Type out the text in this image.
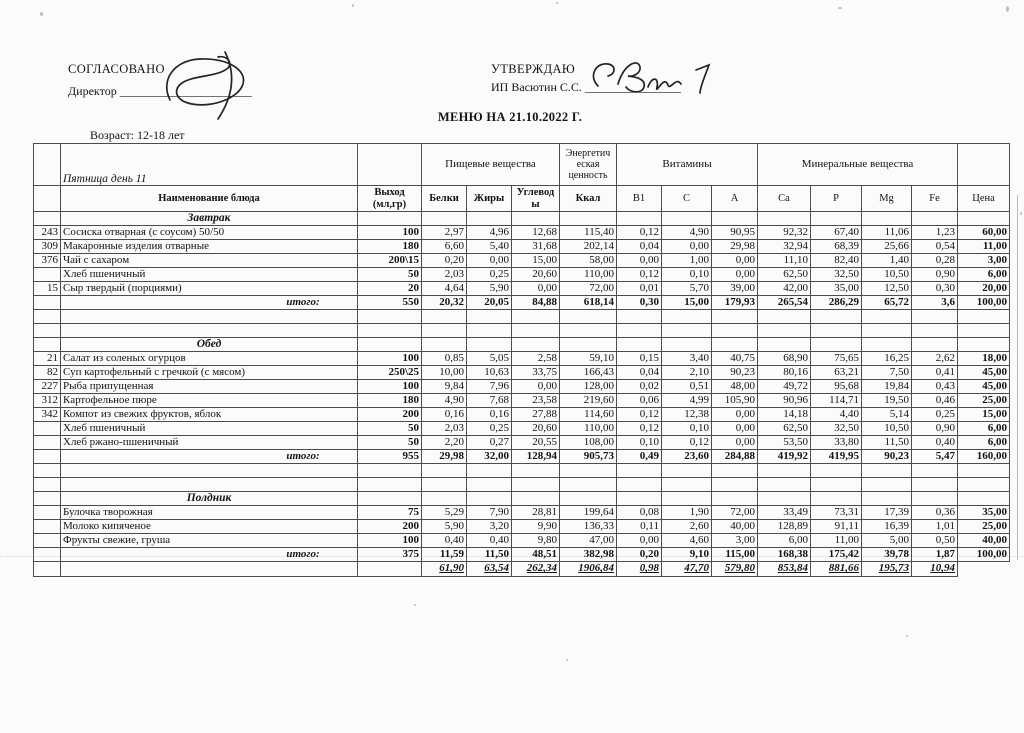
СОГЛАСОВАНО
Директор ______________________
УТВЕРЖДАЮ
ИП Васютин С.С. ________________
МЕНЮ НА 21.10.2022 Г.
Возраст: 12-18 лет
	Пятница день 11		Пищевые вещества			Энергетич еская ценность	Витамины			Минеральные вещества				
	Наименование блюда	Выход (мл,гр)	Белки	Жиры	Углеводы	Ккал	B1	C	A	Ca	P	Mg	Fe	Цена
	Завтрак													
243	Сосиска отварная (с соусом) 50/50	100	2,97	4,96	12,68	115,40	0,12	4,90	90,95	92,32	67,40	11,06	1,23	60,00
309	Макаронные изделия отварные	180	6,60	5,40	31,68	202,14	0,04	0,00	29,98	32,94	68,39	25,66	0,54	11,00
376	Чай с сахаром	200\15	0,20	0,00	15,00	58,00	0,00	1,00	0,00	11,10	82,40	1,40	0,28	3,00
	Хлеб пшеничный	50	2,03	0,25	20,60	110,00	0,12	0,10	0,00	62,50	32,50	10,50	0,90	6,00
15	Сыр твердый (порциями)	20	4,64	5,90	0,00	72,00	0,01	5,70	39,00	42,00	35,00	12,50	0,30	20,00
	итого:	550	20,32	20,05	84,88	618,14	0,30	15,00	179,93	265,54	286,29	65,72	3,6	100,00

	Обед													
21	Салат из соленых огурцов	100	0,85	5,05	2,58	59,10	0,15	3,40	40,75	68,90	75,65	16,25	2,62	18,00
82	Суп картофельный с гречкой (с мясом)	250\25	10,00	10,63	33,75	166,43	0,04	2,10	90,23	80,16	63,21	7,50	0,41	45,00
227	Рыба припущенная	100	9,84	7,96	0,00	128,00	0,02	0,51	48,00	49,72	95,68	19,84	0,43	45,00
312	Картофельное пюре	180	4,90	7,68	23,58	219,60	0,06	4,99	105,90	90,96	114,71	19,50	0,46	25,00
342	Компот из свежих фруктов, яблок	200	0,16	0,16	27,88	114,60	0,12	12,38	0,00	14,18	4,40	5,14	0,25	15,00
	Хлеб пшеничный	50	2,03	0,25	20,60	110,00	0,12	0,10	0,00	62,50	32,50	10,50	0,90	6,00
	Хлеб ржано-пшеничный	50	2,20	0,27	20,55	108,00	0,10	0,12	0,00	53,50	33,80	11,50	0,40	6,00
	итого:	955	29,98	32,00	128,94	905,73	0,49	23,60	284,88	419,92	419,95	90,23	5,47	160,00

	Полдник													
	Булочка творожная	75	5,29	7,90	28,81	199,64	0,08	1,90	72,00	33,49	73,31	17,39	0,36	35,00
	Молоко кипяченое	200	5,90	3,20	9,90	136,33	0,11	2,60	40,00	128,89	91,11	16,39	1,01	25,00
	Фрукты свежие, груша	100	0,40	0,40	9,80	47,00	0,00	4,60	3,00	6,00	11,00	5,00	0,50	40,00
	итого:	375	11,59	11,50	48,51	382,98	0,20	9,10	115,00	168,38	175,42	39,78	1,87	100,00
			61,90	63,54	262,34	1906,84	0,98	47,70	579,80	853,84	881,66	195,73	10,94	
